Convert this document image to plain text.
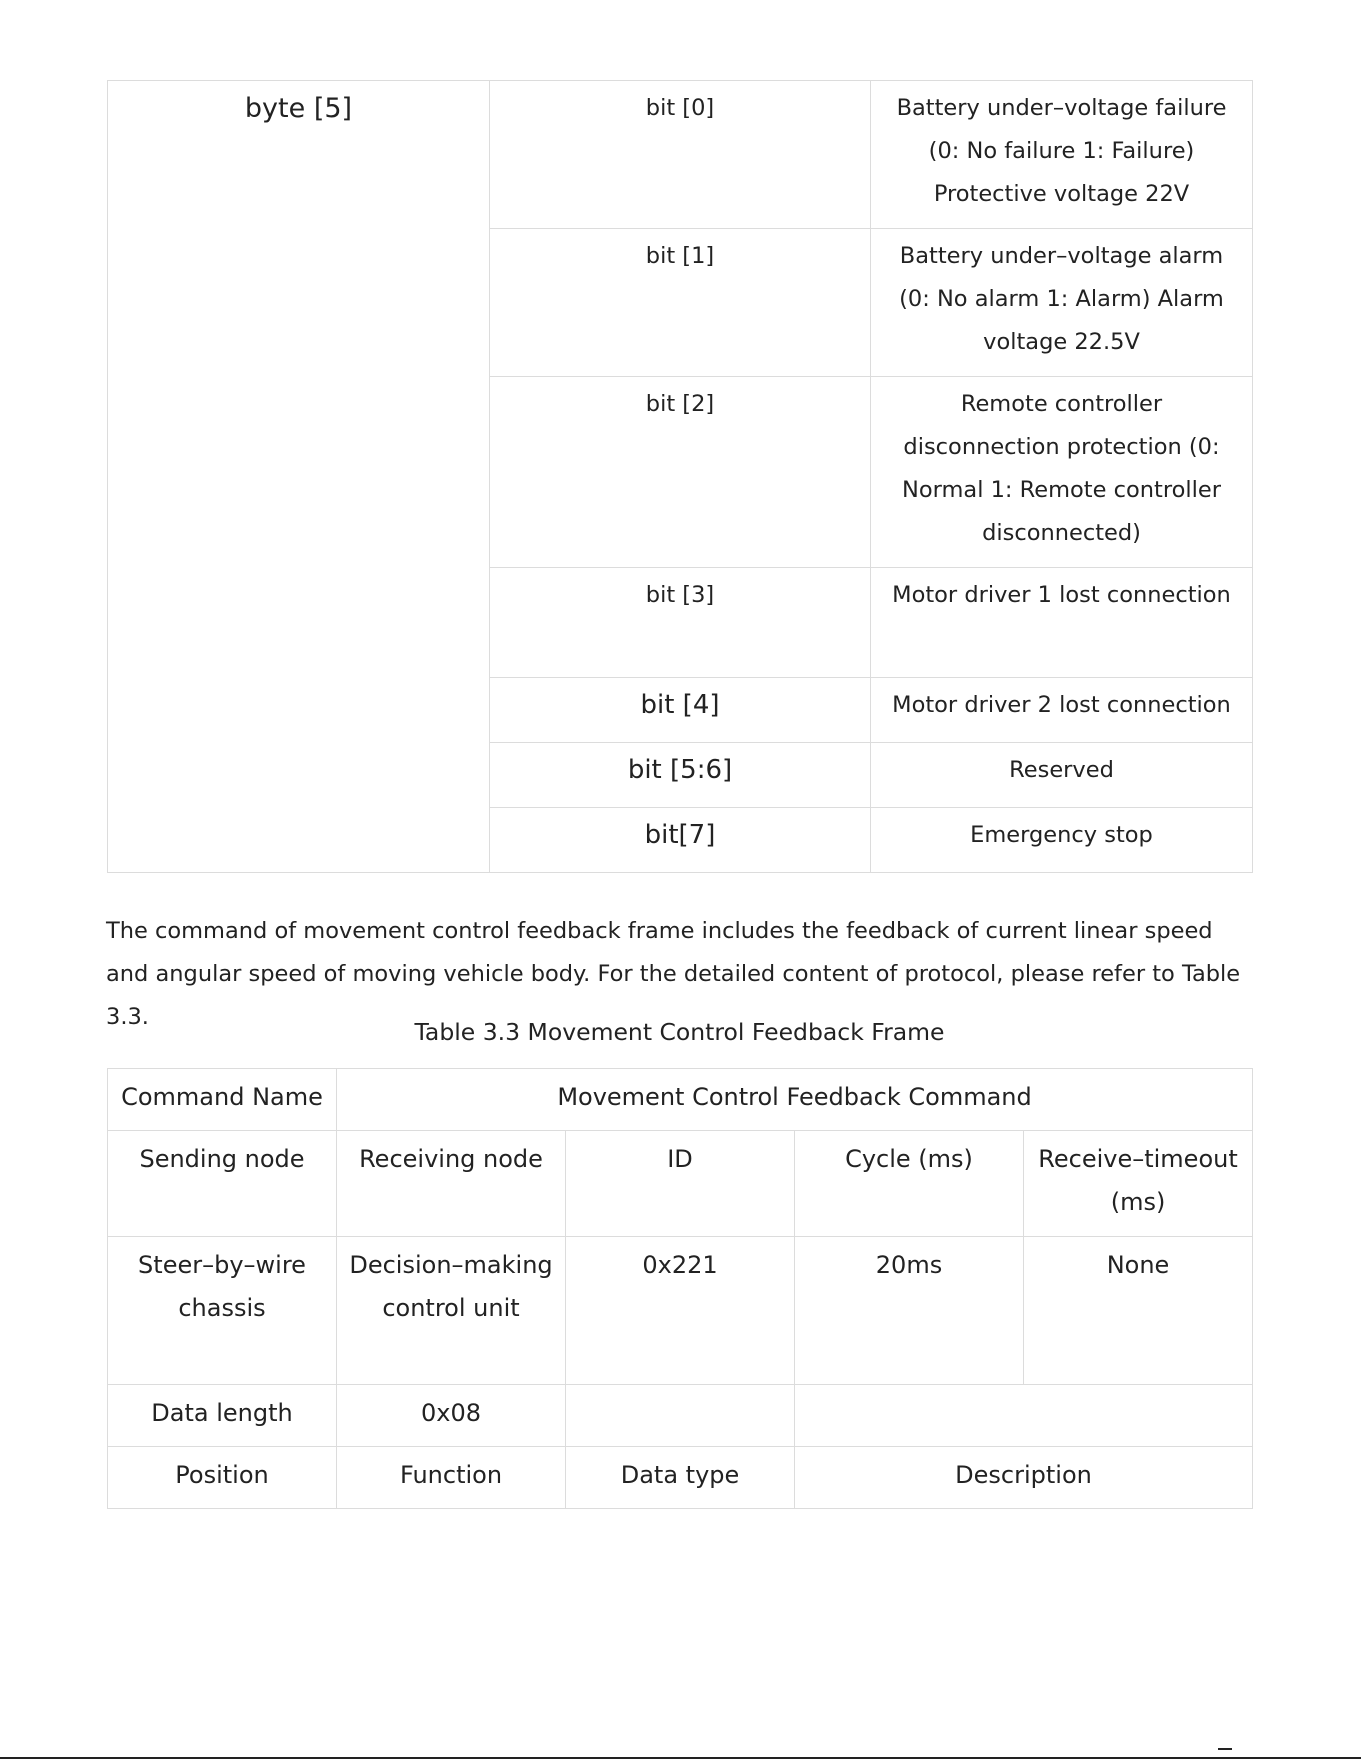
byte [5]	bit [0]	Battery under–voltage failure (0: No failure 1: Failure) Protective voltage 22V
	bit [1]	Battery under–voltage alarm (0: No alarm 1: Alarm) Alarm voltage 22.5V
	bit [2]	Remote controller disconnection protection (0: Normal 1: Remote controller disconnected)
	bit [3]	Motor driver 1 lost connection
	bit [4]	Motor driver 2 lost connection
	bit [5:6]	Reserved
	bit[7]	Emergency stop

The command of movement control feedback frame includes the feedback of current linear speed and angular speed of moving vehicle body. For the detailed content of protocol, please refer to Table 3.3.

Table 3.3 Movement Control Feedback Frame

Command Name	Movement Control Feedback Command			
Sending node	Receiving node	ID	Cycle (ms)	Receive–timeout (ms)
Steer–by–wire chassis	Decision–making control unit	0x221	20ms	None
Data length	0x08			
Position	Function	Data type	Description	
